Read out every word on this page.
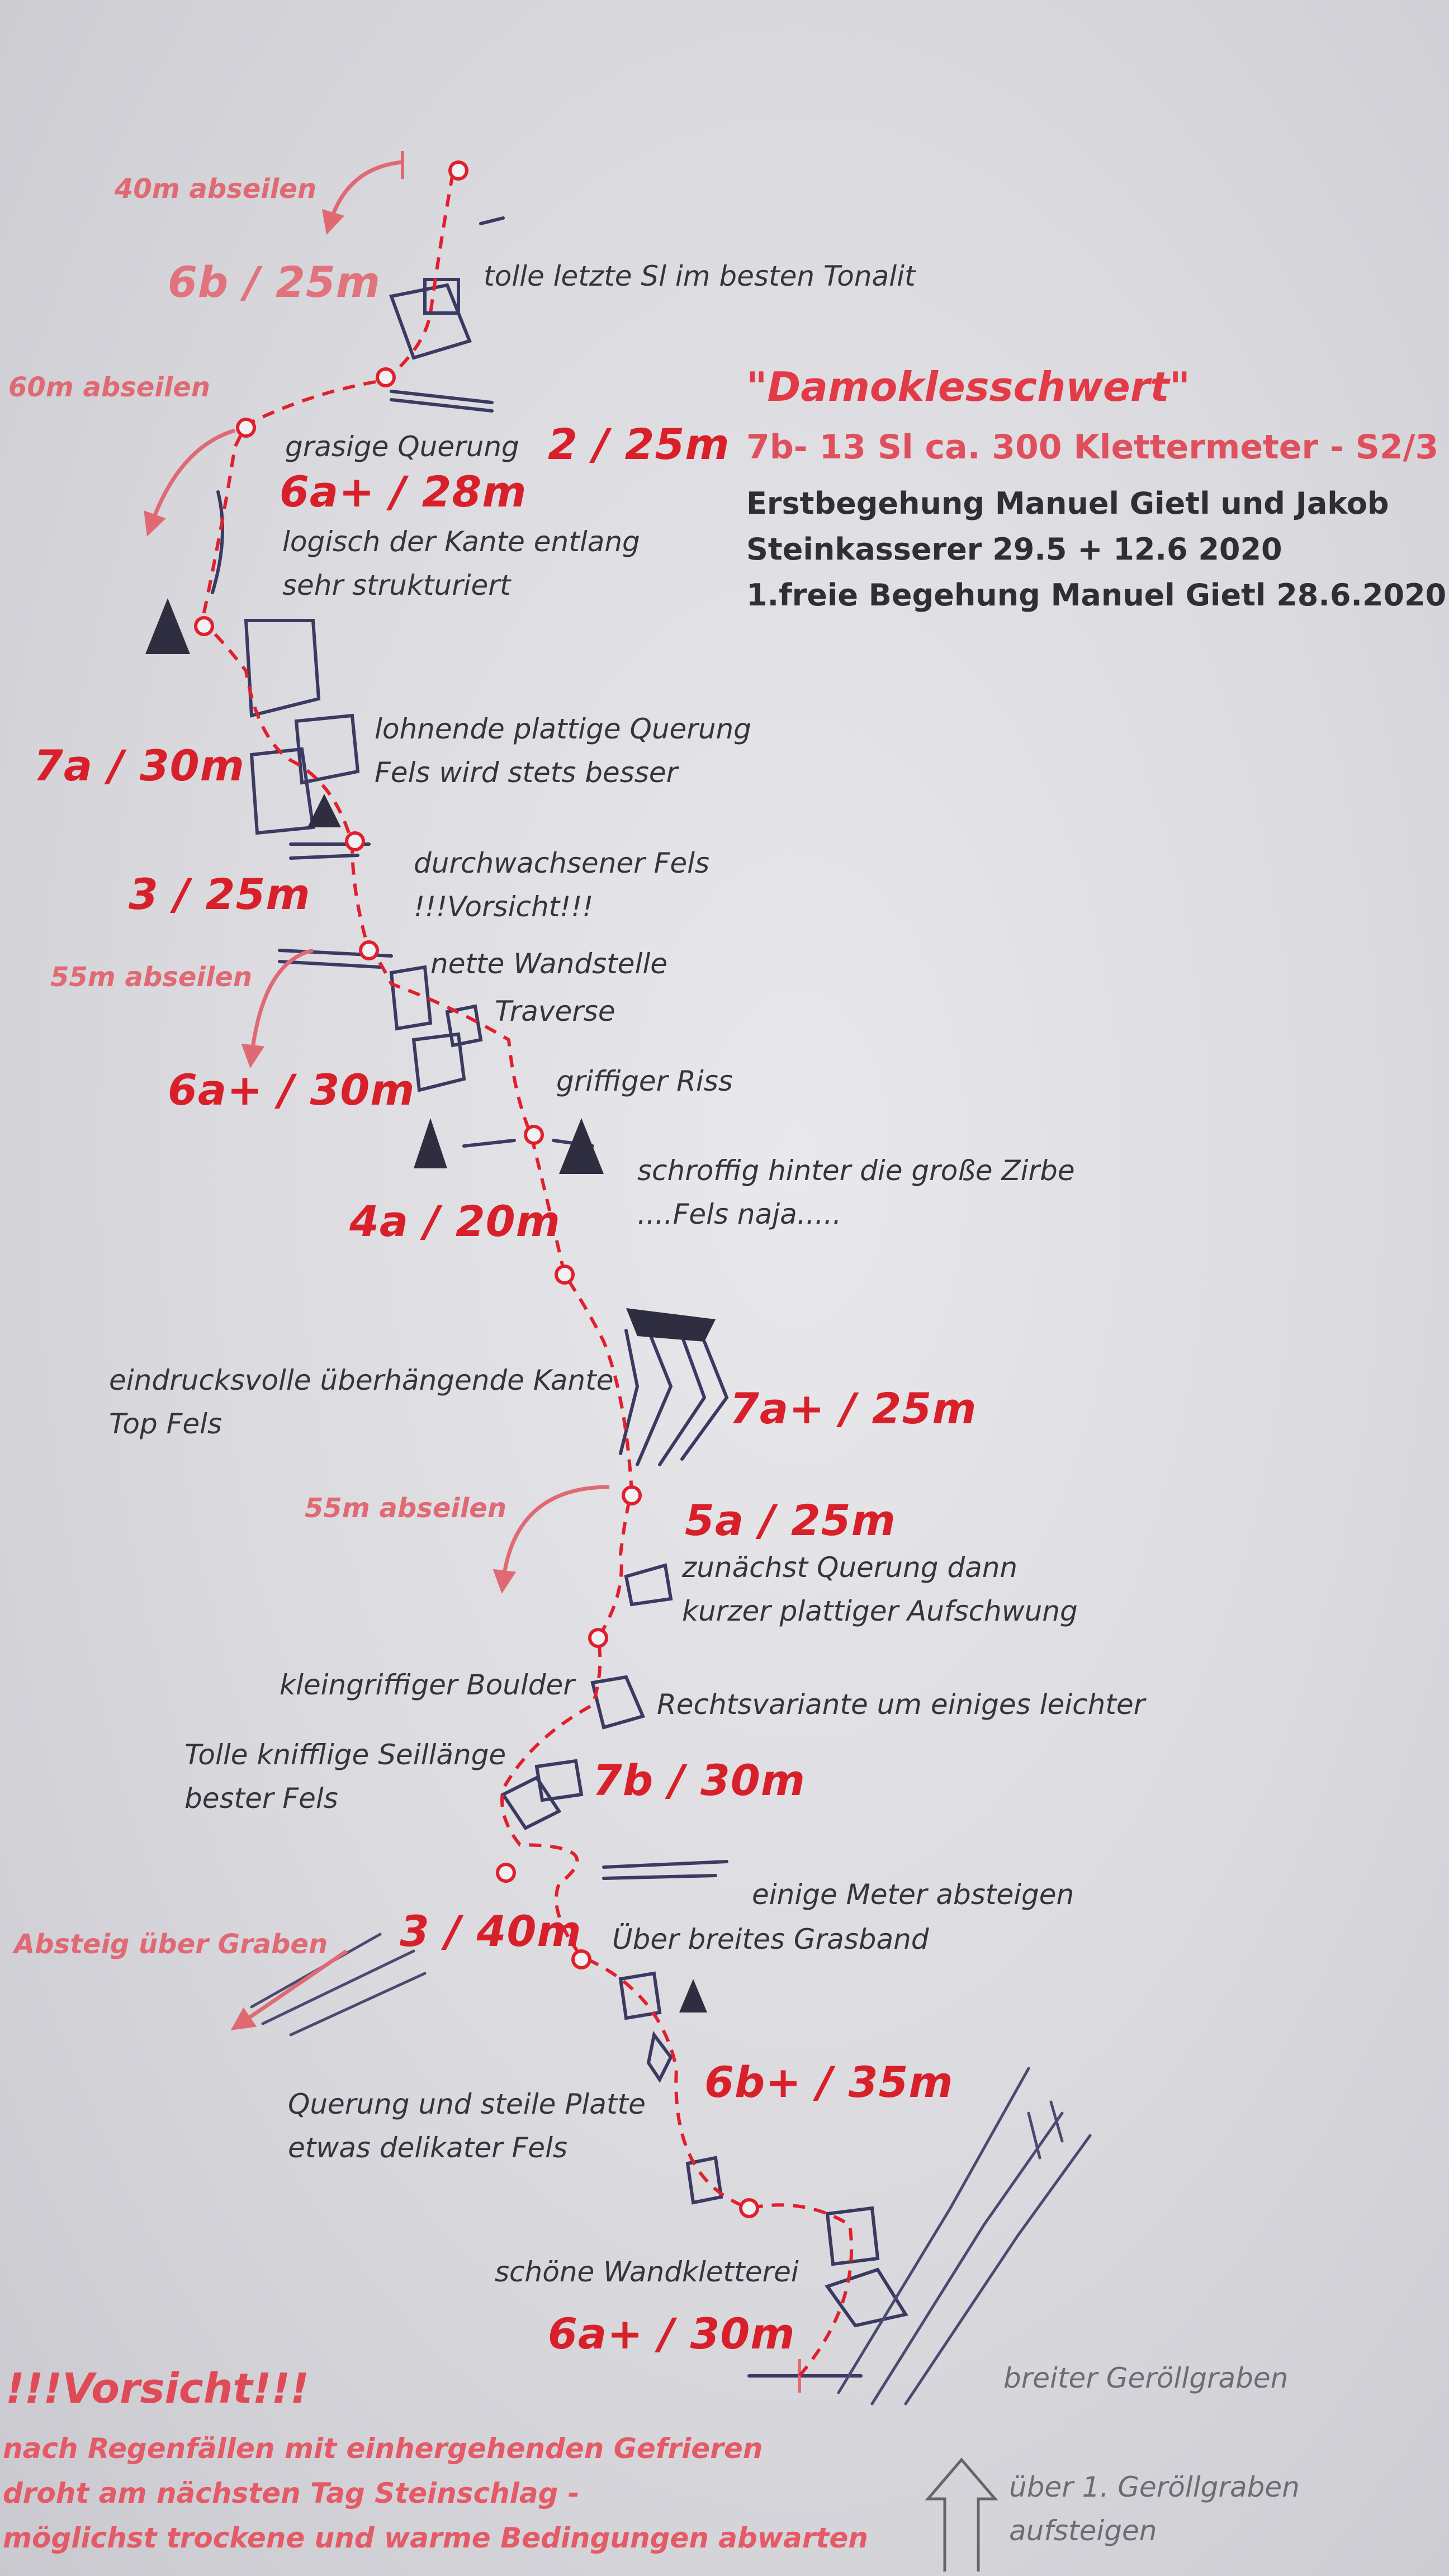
"Damoklesschwert"
7b- 13 Sl ca. 300 Klettermeter - S2/3
Erstbegehung Manuel Gietl und Jakob
Steinkasserer 29.5 + 12.6 2020
1.freie Begehung Manuel Gietl 28.6.2020
40m abseilen
60m abseilen
55m abseilen
55m abseilen
6b / 25m
2 / 25m
6a+ / 28m
7a / 30m
3 / 25m
6a+ / 30m
4a / 20m
7a+ / 25m
5a / 25m
7b / 30m
3 / 40m
6b+ / 35m
6a+ / 30m
tolle letzte Sl im besten Tonalit
grasige Querung
logisch der Kante entlang
sehr strukturiert
lohnende plattige Querung
Fels wird stets besser
durchwachsener Fels
!!!Vorsicht!!!
nette Wandstelle
Traverse
griffiger Riss
schroffig hinter die große Zirbe
....Fels naja.....
eindrucksvolle überhängende Kante
Top Fels
zunächst Querung dann
kurzer plattiger Aufschwung
kleingriffiger Boulder
Rechtsvariante um einiges leichter
Tolle knifflige Seillänge
bester Fels
einige Meter absteigen
Über breites Grasband
Absteig über Graben
Querung und steile Platte
etwas delikater Fels
schöne Wandkletterei
breiter Geröllgraben
über 1. Geröllgraben
aufsteigen
!!!Vorsicht!!!
nach Regenfällen mit einhergehenden Gefrieren
droht am nächsten Tag Steinschlag -
möglichst trockene und warme Bedingungen abwarten
